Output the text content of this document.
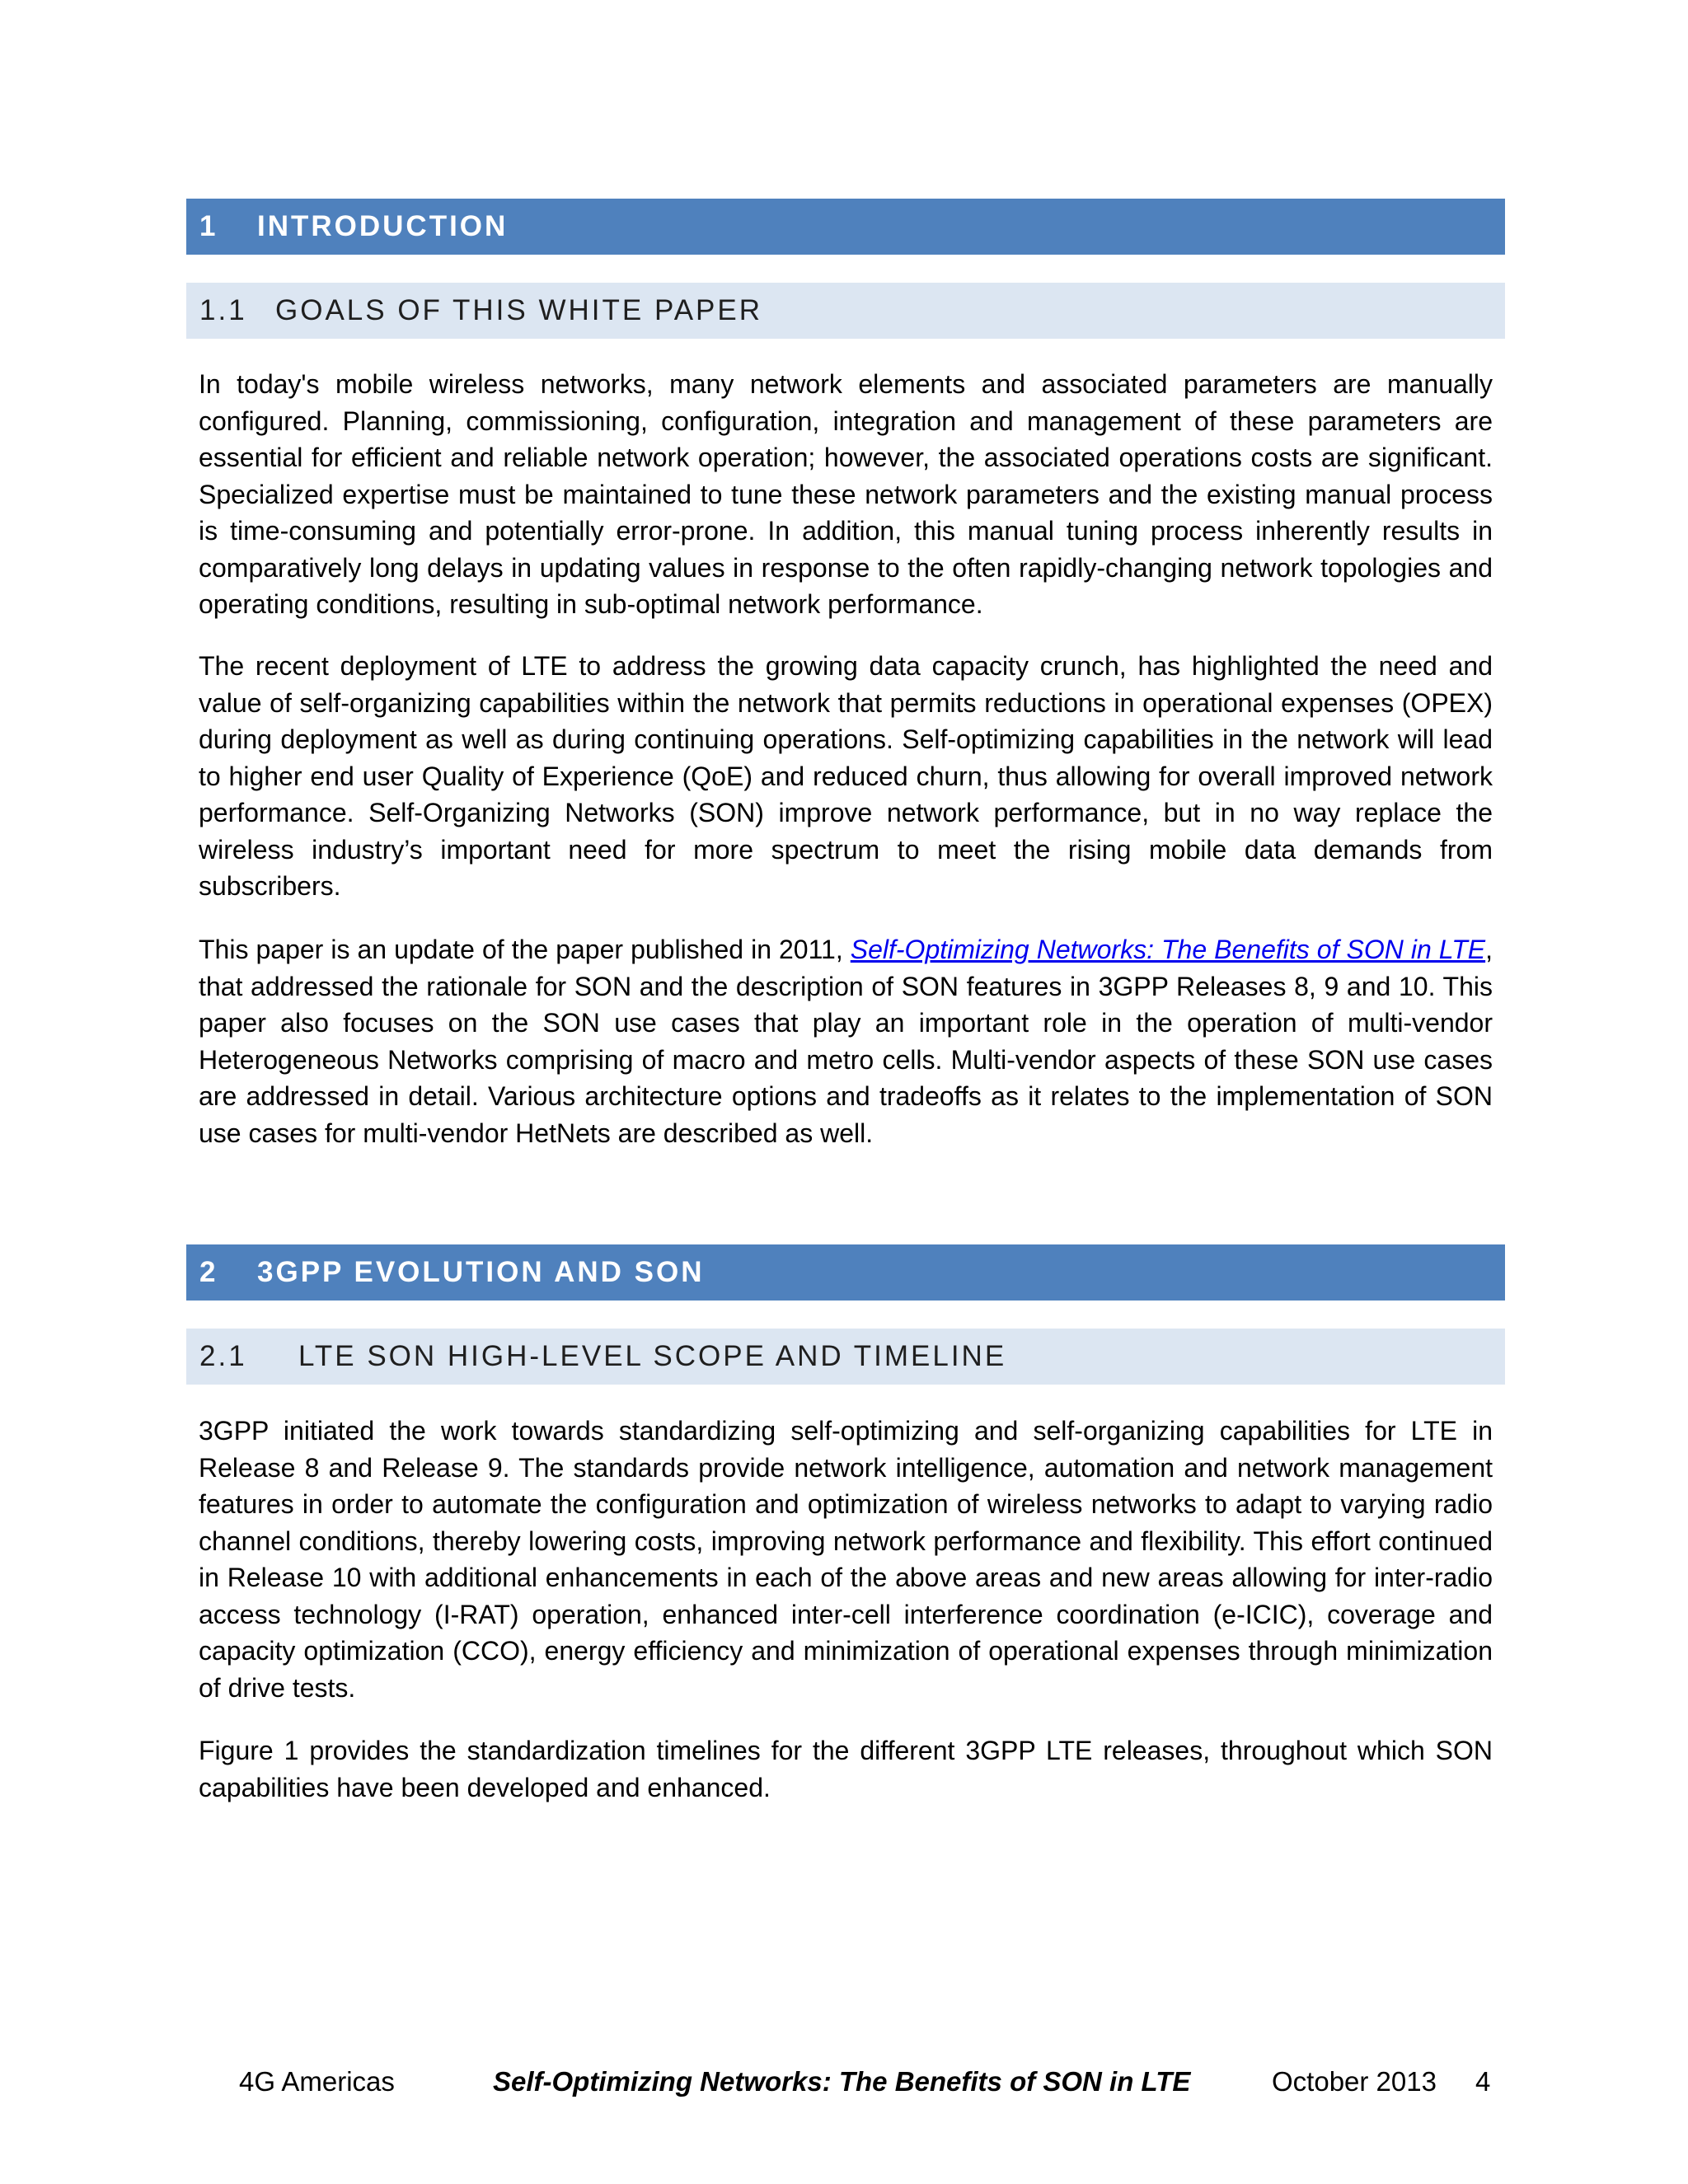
1	INTRODUCTION
1.1 GOALS OF THIS WHITE PAPER

In today's mobile wireless networks, many network elements and associated parameters are manually configured. Planning, commissioning, configuration, integration and management of these parameters are essential for efficient and reliable network operation; however, the associated operations costs are significant. Specialized expertise must be maintained to tune these network parameters and the existing manual process is time-consuming and potentially error-prone. In addition, this manual tuning process inherently results in comparatively long delays in updating values in response to the often rapidly-changing network topologies and operating conditions, resulting in sub-optimal network performance.

The recent deployment of LTE to address the growing data capacity crunch, has highlighted the need and value of self-organizing capabilities within the network that permits reductions in operational expenses (OPEX) during deployment as well as during continuing operations. Self-optimizing capabilities in the network will lead to higher end user Quality of Experience (QoE) and reduced churn, thus allowing for overall improved network performance. Self-Organizing Networks (SON) improve network performance, but in no way replace the wireless industry’s important need for more spectrum to meet the rising mobile data demands from subscribers.

This paper is an update of the paper published in 2011, Self-Optimizing Networks: The Benefits of SON in LTE, that addressed the rationale for SON and the description of SON features in 3GPP Releases 8, 9 and 10. This paper also focuses on the SON use cases that play an important role in the operation of multi-vendor Heterogeneous Networks comprising of macro and metro cells. Multi-vendor aspects of these SON use cases are addressed in detail. Various architecture options and tradeoffs as it relates to the implementation of SON use cases for multi-vendor HetNets are described as well.

2	3GPP EVOLUTION AND SON
2.1	LTE SON HIGH-LEVEL SCOPE AND TIMELINE

3GPP initiated the work towards standardizing self-optimizing and self-organizing capabilities for LTE in Release 8 and Release 9. The standards provide network intelligence, automation and network management features in order to automate the configuration and optimization of wireless networks to adapt to varying radio channel conditions, thereby lowering costs, improving network performance and flexibility. This effort continued in Release 10 with additional enhancements in each of the above areas and new areas allowing for inter-radio access technology (I-RAT) operation, enhanced inter-cell interference coordination (e-ICIC), coverage and capacity optimization (CCO), energy efficiency and minimization of operational expenses through minimization of drive tests.

Figure 1 provides the standardization timelines for the different 3GPP LTE releases, throughout which SON capabilities have been developed and enhanced.

4G Americas	Self-Optimizing Networks: The Benefits of SON in LTE	October 2013 4
